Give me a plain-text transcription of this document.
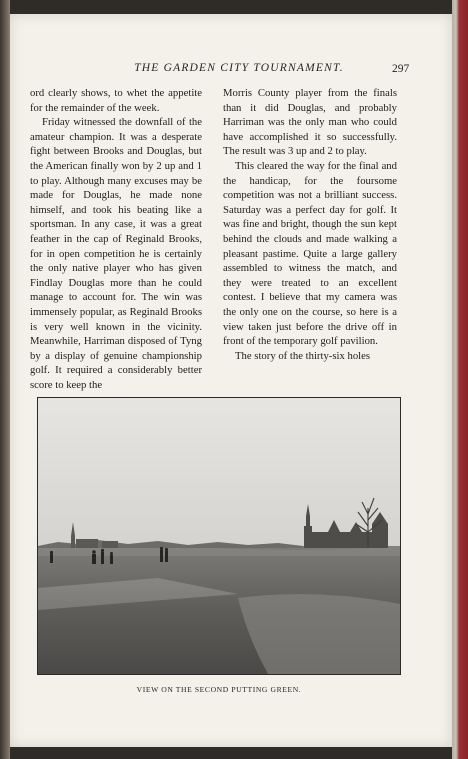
THE GARDEN CITY TOURNAMENT.	297

ord clearly shows, to whet the appetite for the remainder of the week.

Friday witnessed the downfall of the amateur champion. It was a desperate fight between Brooks and Douglas, but the American finally won by 2 up and 1 to play. Although many excuses may be made for Douglas, he made none himself, and took his beating like a sportsman. In any case, it was a great feather in the cap of Reginald Brooks, for in open competition he is certainly the only native player who has given Findlay Douglas more than he could manage to account for. The win was immensely popular, as Reginald Brooks is very well known in the vicinity. Meanwhile, Harriman disposed of Tyng by a display of genuine championship golf. It required a considerably better score to keep the

Morris County player from the finals than it did Douglas, and probably Harriman was the only man who could have accomplished it so successfully. The result was 3 up and 2 to play.

This cleared the way for the final and the handicap, for the foursome competition was not a brilliant success. Saturday was a perfect day for golf. It was fine and bright, though the sun kept behind the clouds and made walking a pleasant pastime. Quite a large gallery assembled to witness the match, and they were treated to an excellent contest. I believe that my camera was the only one on the course, so here is a view taken just before the drive off in front of the temporary golf pavilion.

The story of the thirty-six holes

VIEW ON THE SECOND PUTTING GREEN.
